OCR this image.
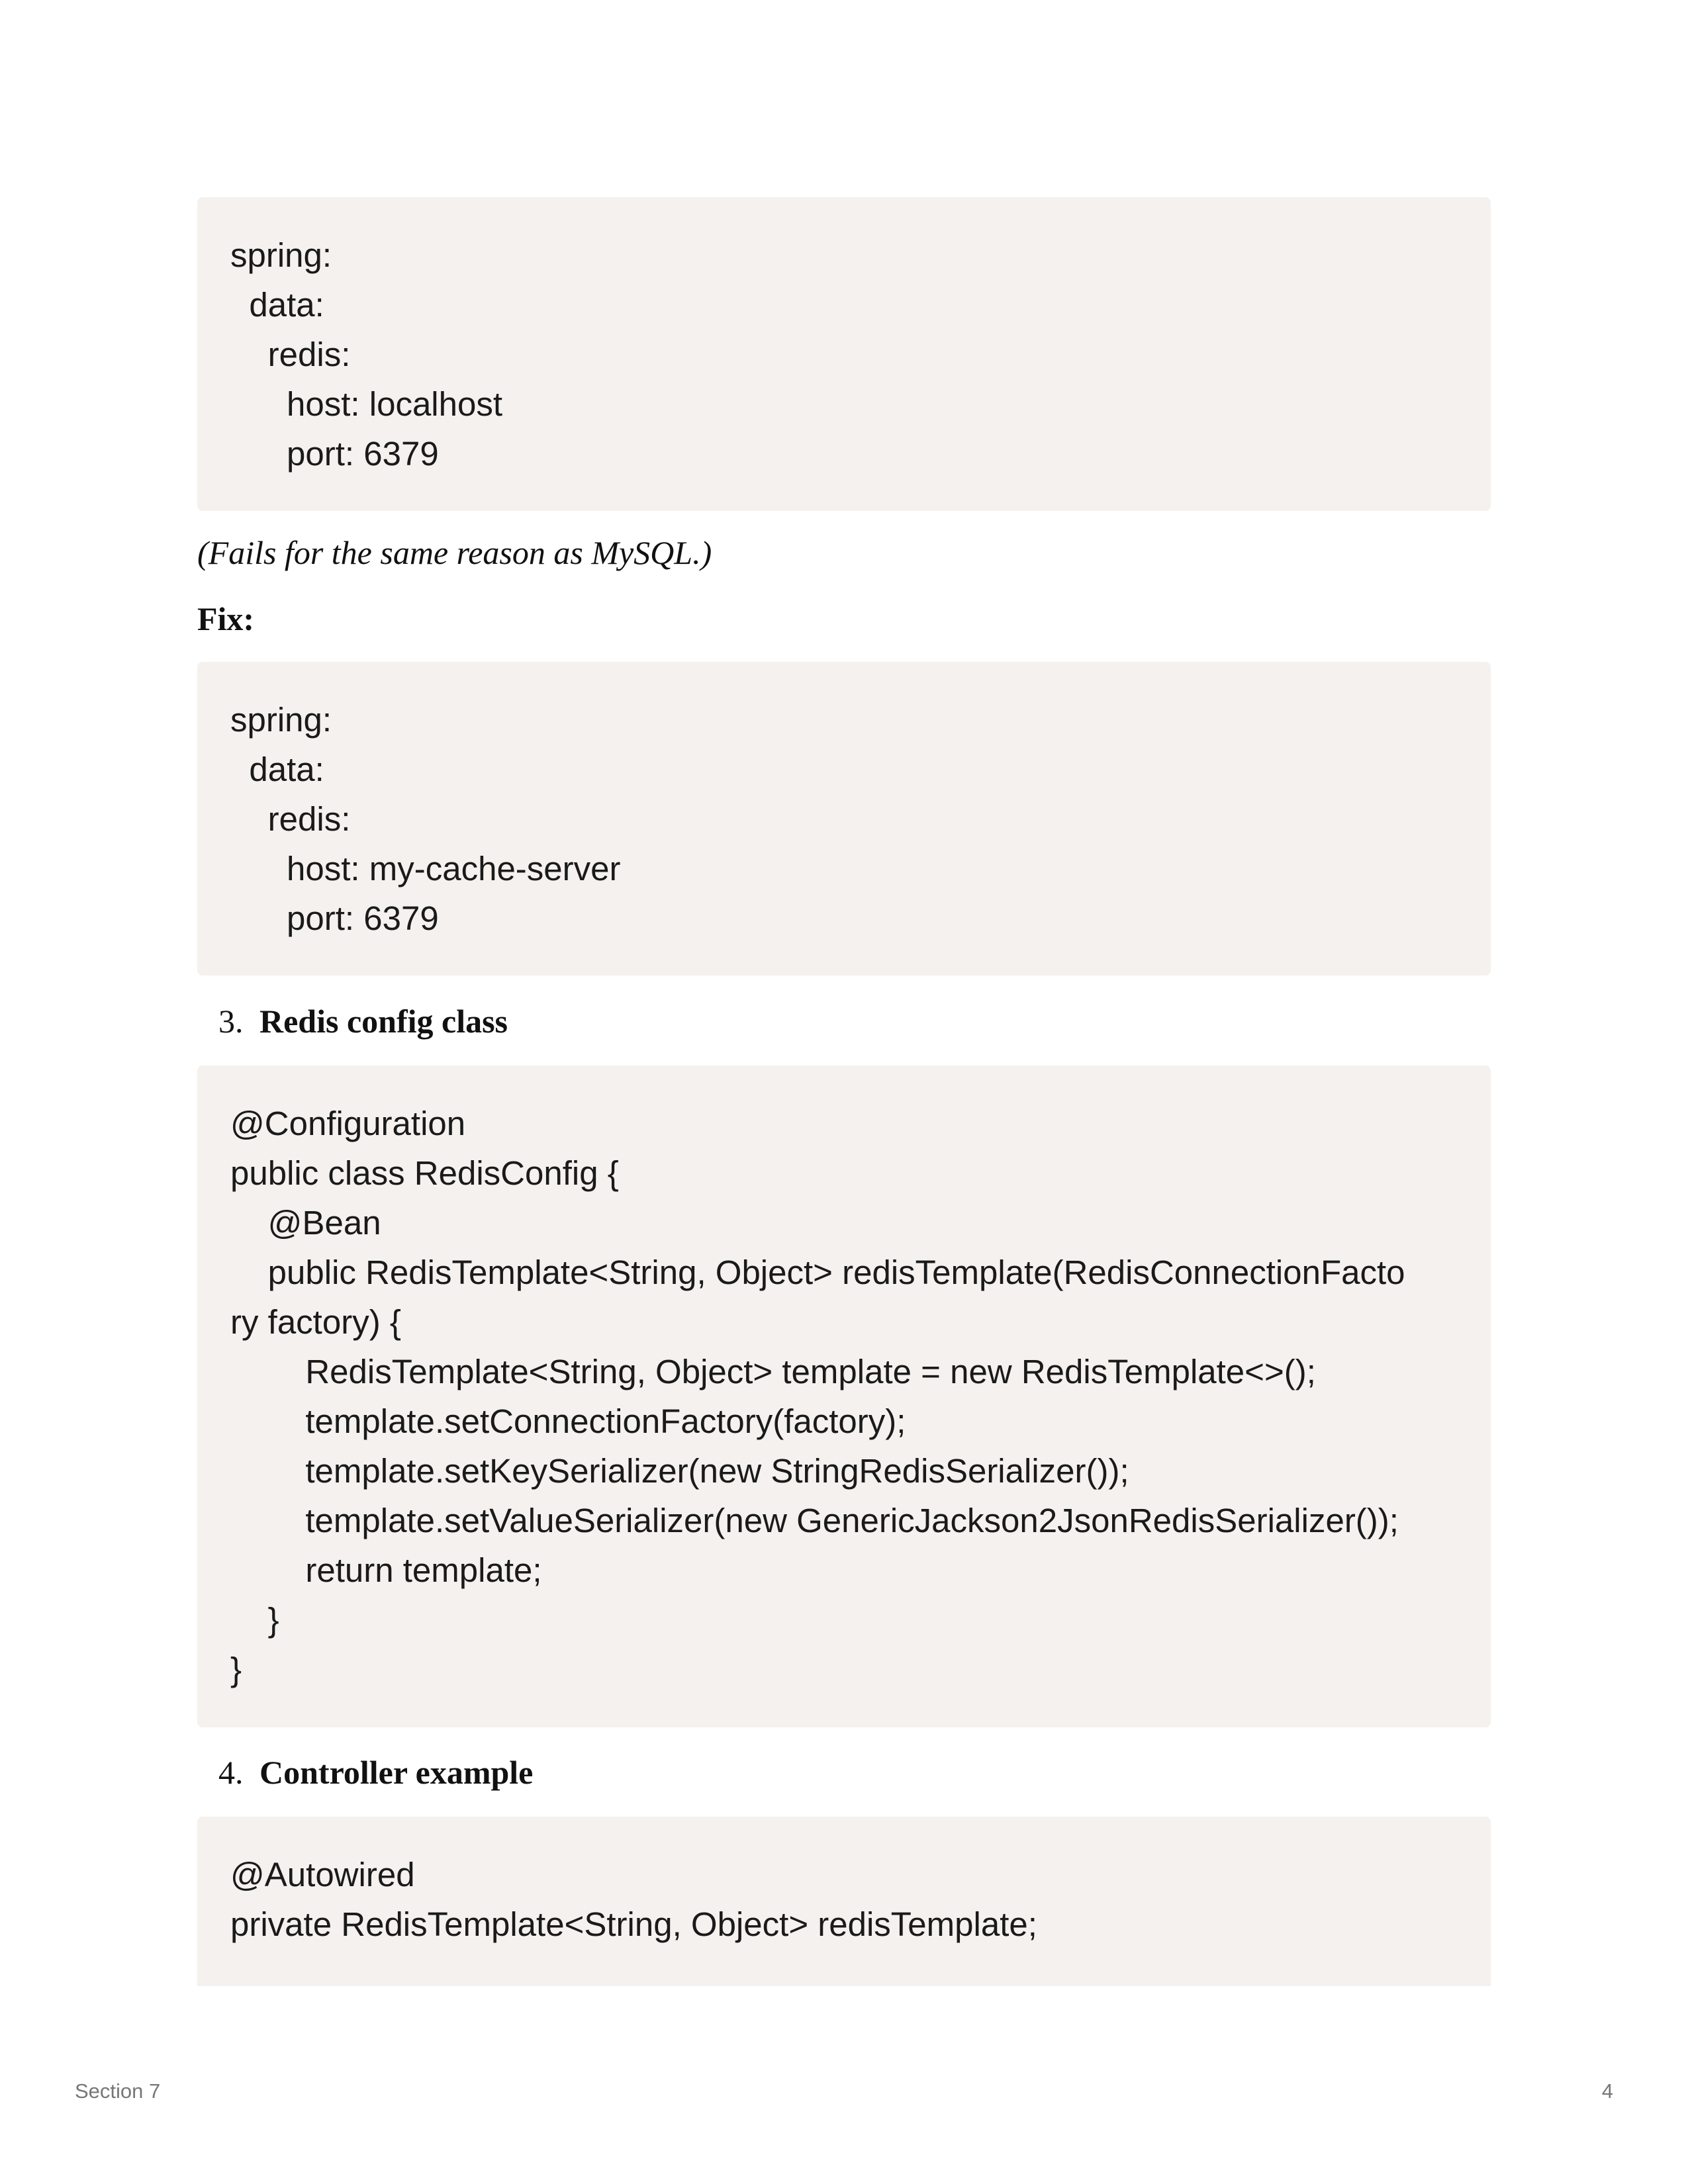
spring:
data:
redis:
host: localhost
port: 6379
(Fails for the same reason as MySQL.)
Fix:
spring:
data:
redis:
host: my-cache-server
port: 6379
3. Redis config class
@Configuration
public class RedisConfig {
@Bean
public RedisTemplate<String, Object> redisTemplate(RedisConnectionFacto
ry factory) {
RedisTemplate<String, Object> template = new RedisTemplate<>();
template.setConnectionFactory(factory);
template.setKeySerializer(new StringRedisSerializer());
template.setValueSerializer(new GenericJackson2JsonRedisSerializer());
return template;
}
}
4. Controller example
@Autowired
private RedisTemplate<String, Object> redisTemplate;
Section 7	4
